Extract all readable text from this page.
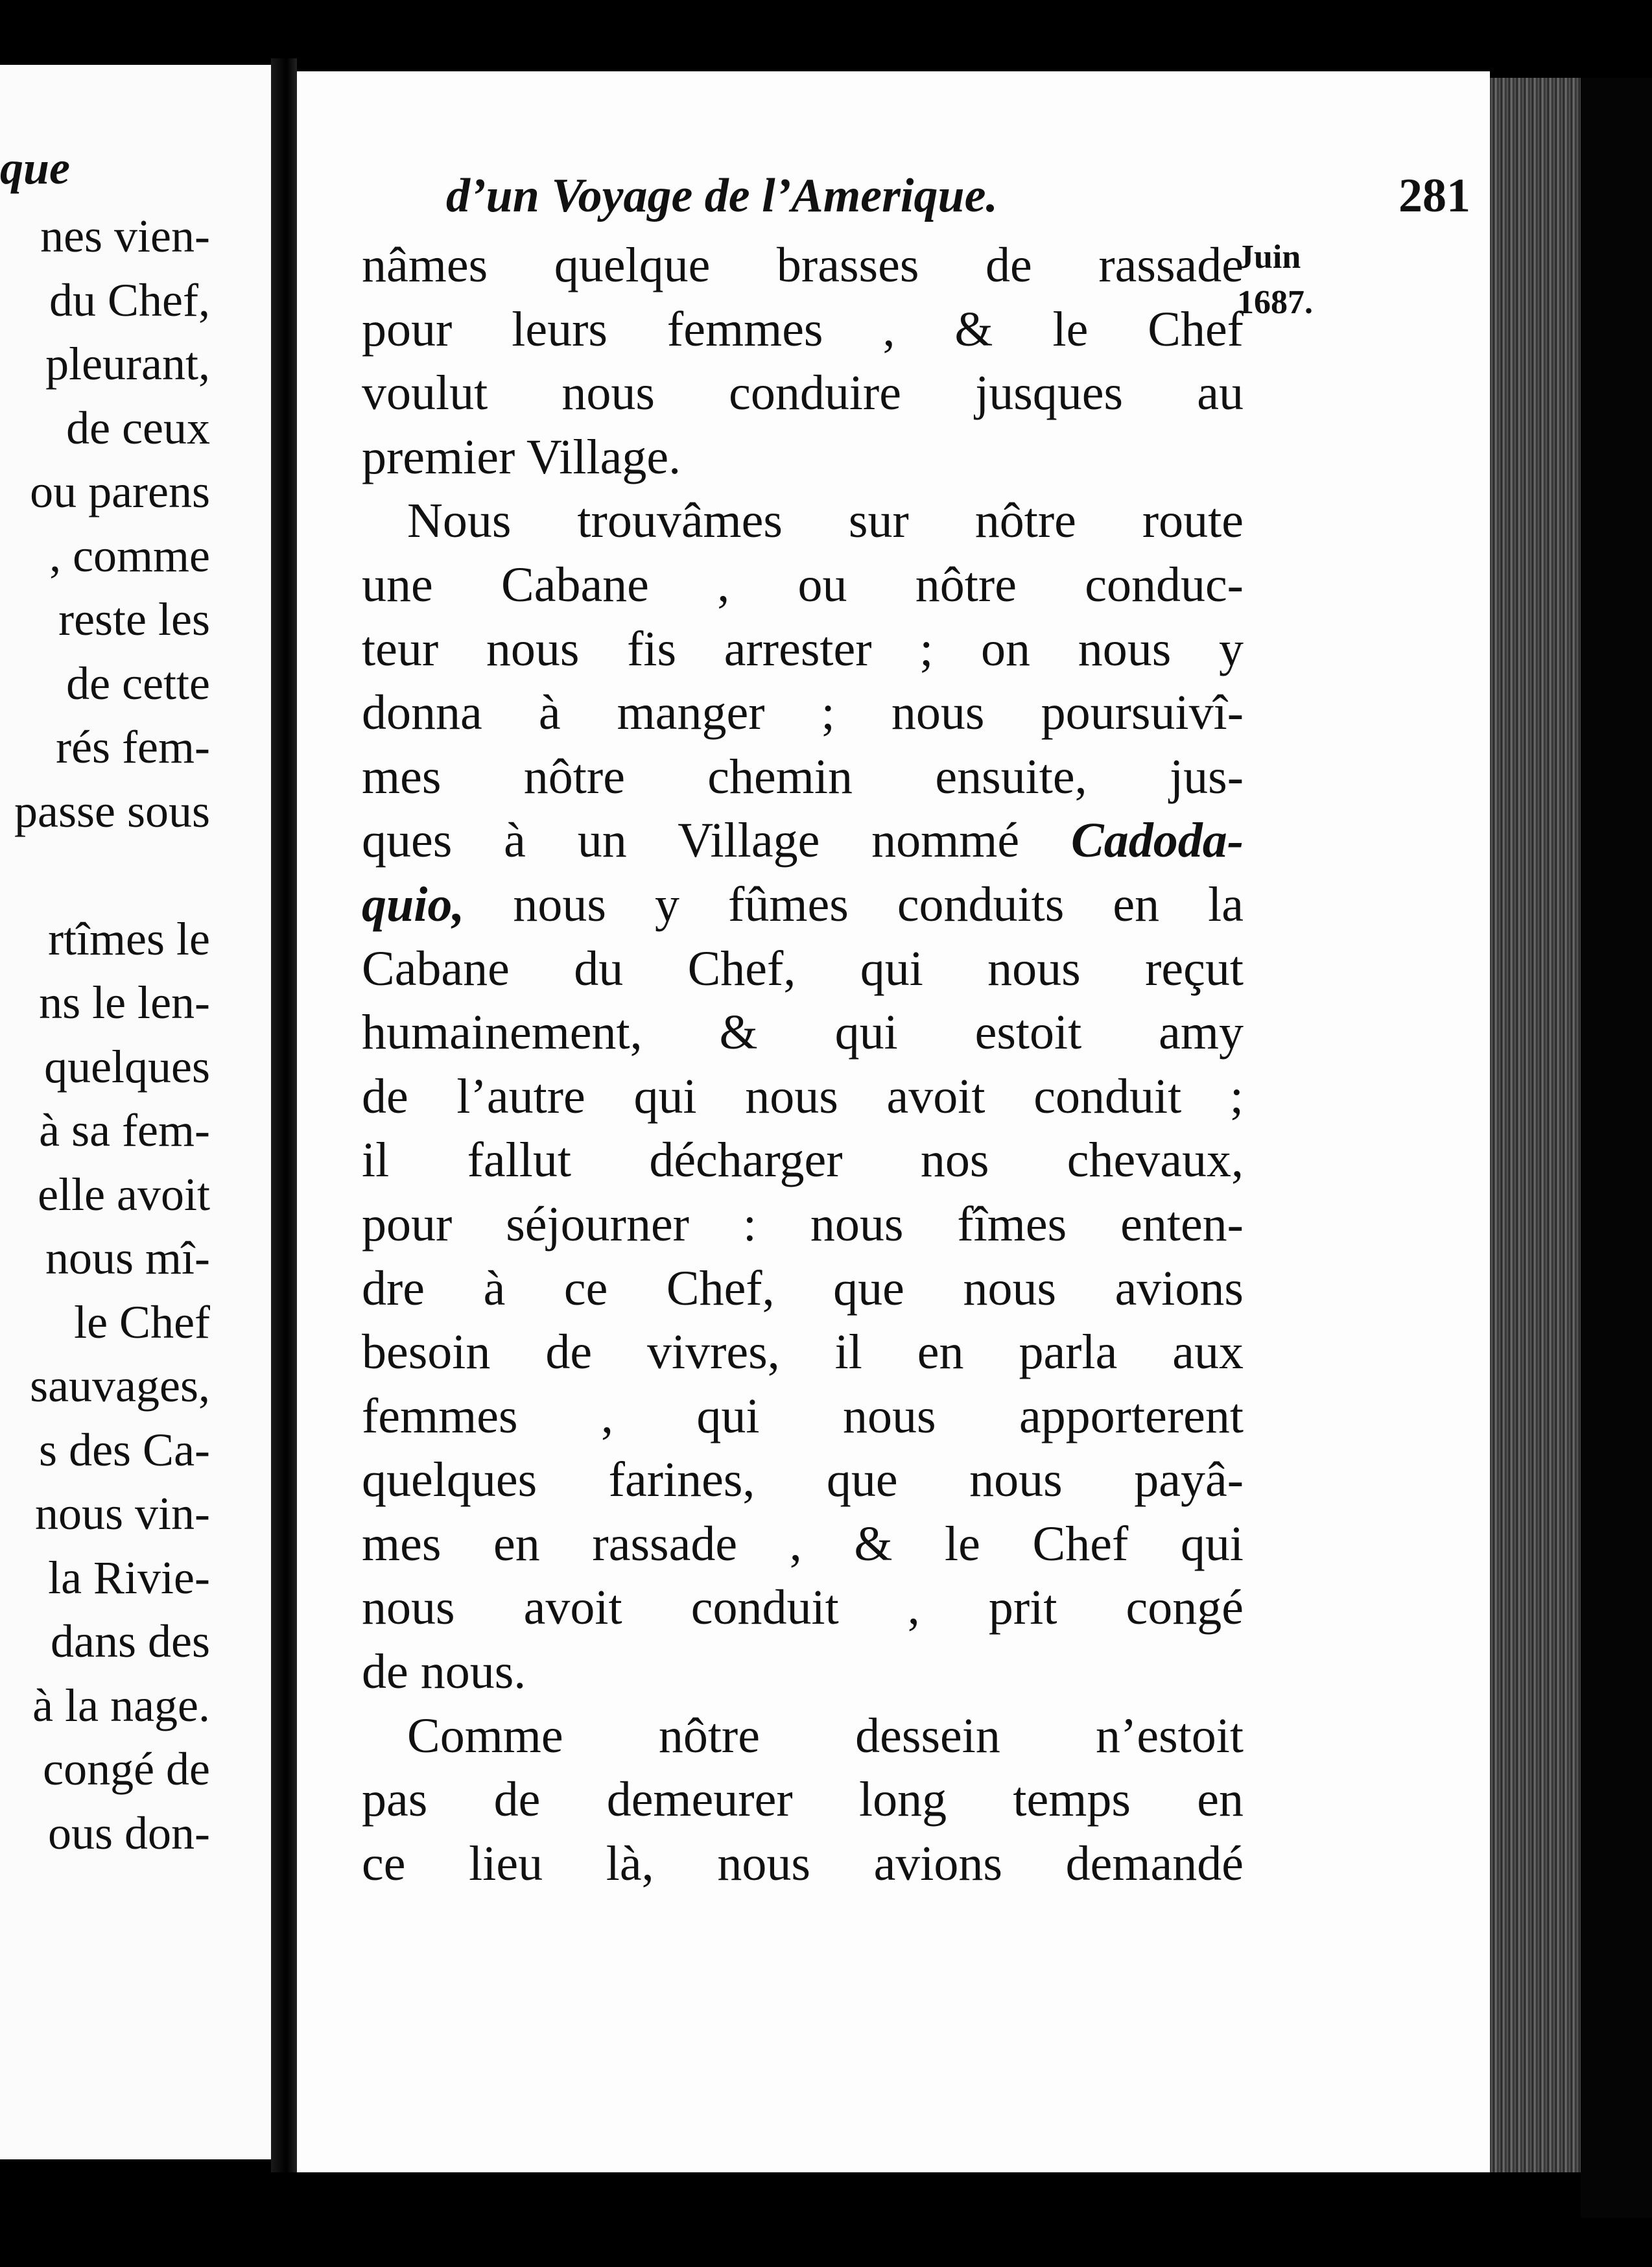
que
nes vien-
du Chef,
pleurant,
de ceux
ou parens
, comme
reste les
de cette
rés fem-
passe sous
rtîmes le
ns le len-
quelques
à sa fem-
elle avoit
nous mî-
le Chef
sauvages,
s des Ca-
nous vin-
la Rivie-
dans des
à la nage.
congé de
ous don-
d’un Voyage de l’Amerique.	281
Juin
1687.
nâmes quelque brasses de rassade
pour leurs femmes , & le Chef
voulut nous conduire jusques au
premier Village.
Nous trouvâmes sur nôtre route
une Cabane , ou nôtre conduc-
teur nous fis arrester ; on nous y
donna à manger ; nous poursuivî-
mes nôtre chemin ensuite, jus-
ques à un Village nommé Cadoda-
quio, nous y fûmes conduits en la
Cabane du Chef, qui nous reçut
humainement, & qui estoit amy
de l’autre qui nous avoit conduit ;
il fallut décharger nos chevaux,
pour séjourner : nous fîmes enten-
dre à ce Chef, que nous avions
besoin de vivres, il en parla aux
femmes , qui nous apporterent
quelques farines, que nous payâ-
mes en rassade , & le Chef qui
nous avoit conduit , prit congé
de nous.
Comme nôtre dessein n’estoit
pas de demeurer long temps en
ce lieu là, nous avions demandé
